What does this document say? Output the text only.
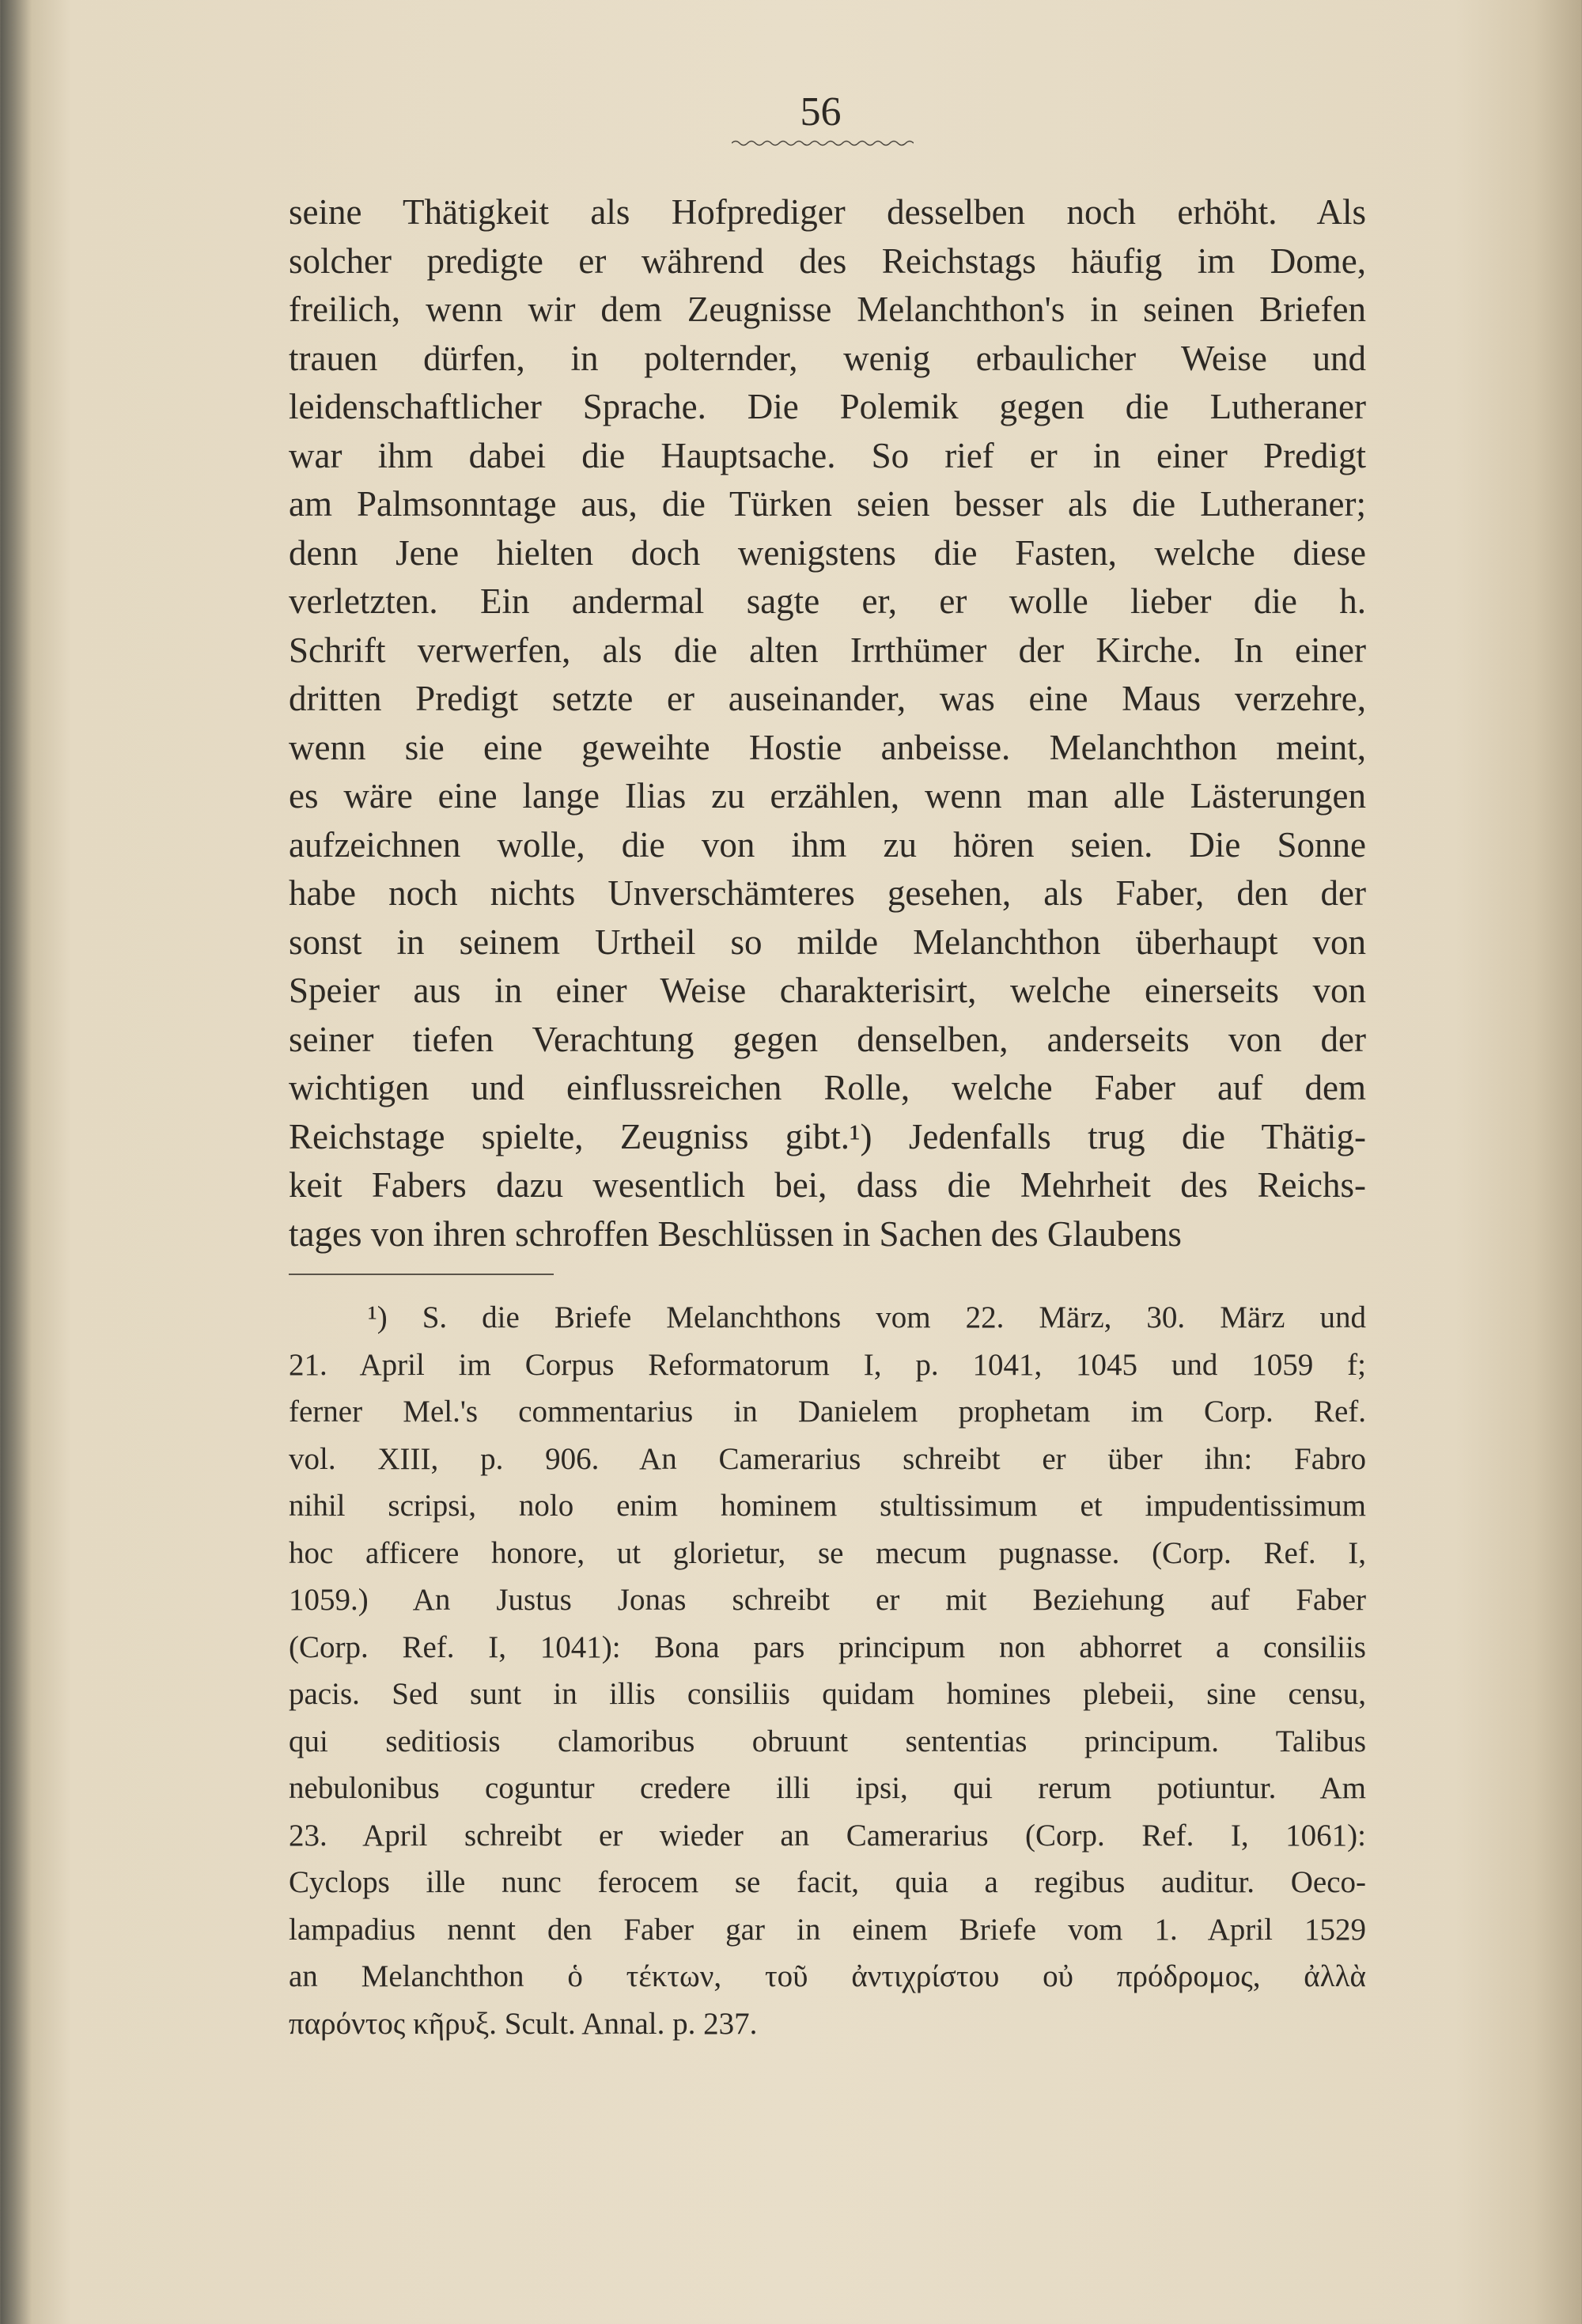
56
seine Thätigkeit als Hofprediger desselben noch erhöht. Als
solcher predigte er während des Reichstags häufig im Dome,
freilich, wenn wir dem Zeugnisse Melanchthon's in seinen Briefen
trauen dürfen, in polternder, wenig erbaulicher Weise und
leidenschaftlicher Sprache. Die Polemik gegen die Lutheraner
war ihm dabei die Hauptsache. So rief er in einer Predigt
am Palmsonntage aus, die Türken seien besser als die Lutheraner;
denn Jene hielten doch wenigstens die Fasten, welche diese
verletzten. Ein andermal sagte er, er wolle lieber die h.
Schrift verwerfen, als die alten Irrthümer der Kirche. In einer
dritten Predigt setzte er auseinander, was eine Maus verzehre,
wenn sie eine geweihte Hostie anbeisse. Melanchthon meint,
es wäre eine lange Ilias zu erzählen, wenn man alle Lästerungen
aufzeichnen wolle, die von ihm zu hören seien. Die Sonne
habe noch nichts Unverschämteres gesehen, als Faber, den der
sonst in seinem Urtheil so milde Melanchthon überhaupt von
Speier aus in einer Weise charakterisirt, welche einerseits von
seiner tiefen Verachtung gegen denselben, anderseits von der
wichtigen und einflussreichen Rolle, welche Faber auf dem
Reichstage spielte, Zeugniss gibt.¹) Jedenfalls trug die Thätig-
keit Fabers dazu wesentlich bei, dass die Mehrheit des Reichs-
tages von ihren schroffen Beschlüssen in Sachen des Glaubens
¹) S. die Briefe Melanchthons vom 22. März, 30. März und
21. April im Corpus Reformatorum I, p. 1041, 1045 und 1059 f;
ferner Mel.'s commentarius in Danielem prophetam im Corp. Ref.
vol. XIII, p. 906. An Camerarius schreibt er über ihn: Fabro
nihil scripsi, nolo enim hominem stultissimum et impudentissimum
hoc afficere honore, ut glorietur, se mecum pugnasse. (Corp. Ref. I,
1059.) An Justus Jonas schreibt er mit Beziehung auf Faber
(Corp. Ref. I, 1041): Bona pars principum non abhorret a consiliis
pacis. Sed sunt in illis consiliis quidam homines plebeii, sine censu,
qui seditiosis clamoribus obruunt sententias principum. Talibus
nebulonibus coguntur credere illi ipsi, qui rerum potiuntur. Am
23. April schreibt er wieder an Camerarius (Corp. Ref. I, 1061):
Cyclops ille nunc ferocem se facit, quia a regibus auditur. Oeco-
lampadius nennt den Faber gar in einem Briefe vom 1. April 1529
an Melanchthon ὁ τέκτων, τοῦ ἀντιχρίστου οὐ πρόδρομος, ἀλλὰ
παρόντος κῆρυξ. Scult. Annal. p. 237.
